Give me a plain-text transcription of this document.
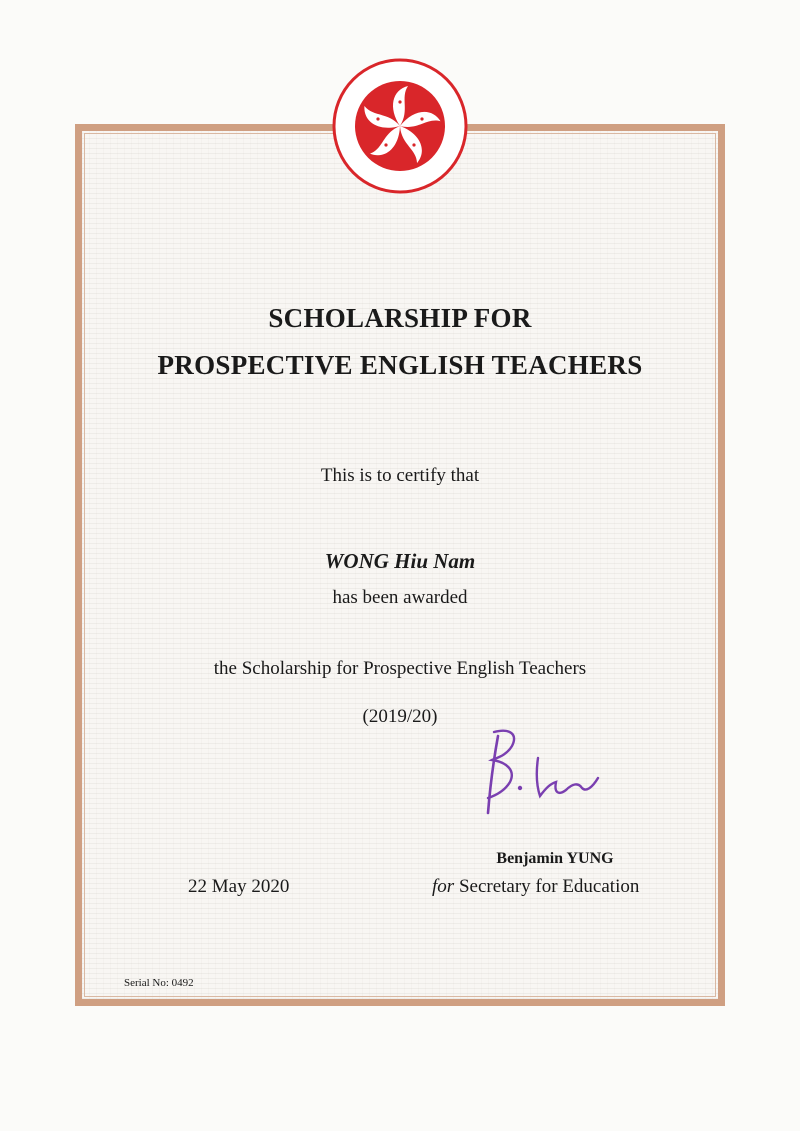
SCHOLARSHIP FOR
PROSPECTIVE ENGLISH TEACHERS
This is to certify that
WONG Hiu Nam
has been awarded
the Scholarship for Prospective English Teachers
(2019/20)
Benjamin YUNG
22 May 2020	for Secretary for Education
Serial No: 0492
